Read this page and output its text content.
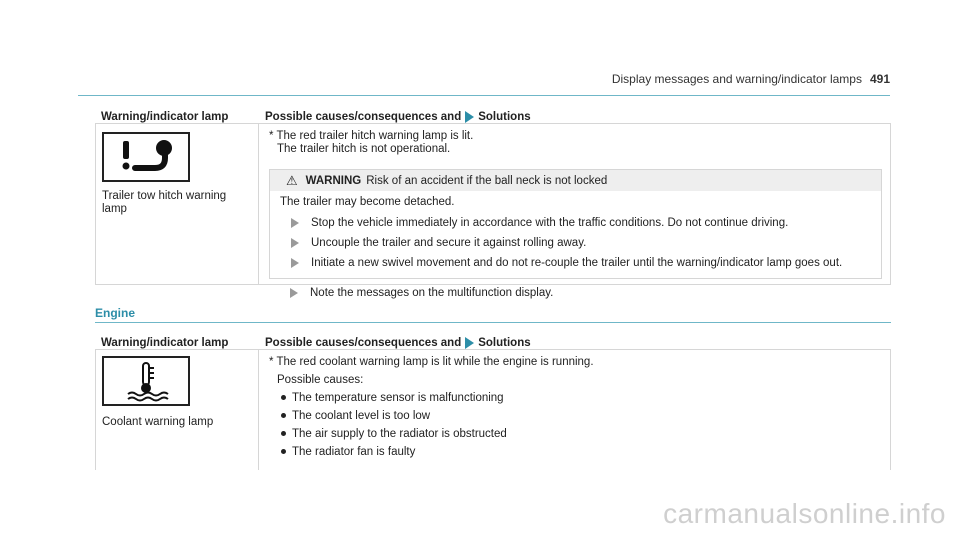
Display messages and warning/indicator lamps 491
Warning/indicator lamp	Possible causes/consequences and Solutions
Trailer tow hitch warning lamp
* The red trailer hitch warning lamp is lit.
The trailer hitch is not operational.
⚠ WARNING Risk of an accident if the ball neck is not locked
The trailer may become detached.
Stop the vehicle immediately in accordance with the traffic conditions. Do not continue driving.
Uncouple the trailer and secure it against rolling away.
Initiate a new swivel movement and do not re-couple the trailer until the warning/indicator lamp goes out.
Note the messages on the multifunction display.
Engine
Warning/indicator lamp	Possible causes/consequences and Solutions
Coolant warning lamp
* The red coolant warning lamp is lit while the engine is running.
Possible causes:
The temperature sensor is malfunctioning
The coolant level is too low
The air supply to the radiator is obstructed
The radiator fan is faulty
carmanualsonline.info
